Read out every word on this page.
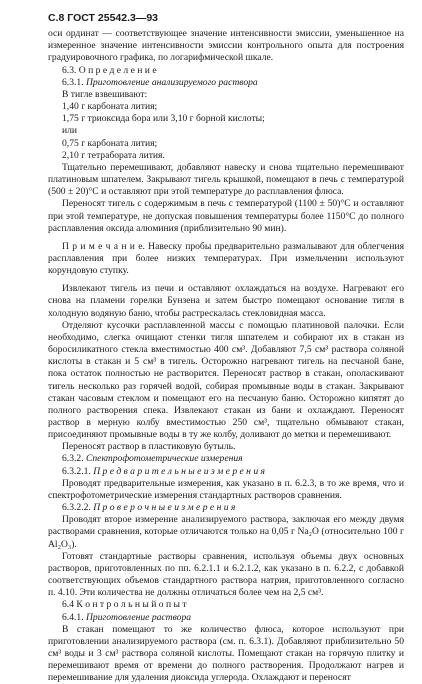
С.8 ГОСТ 25542.3—93

оси ординат — соответствующее значение интенсивности эмиссии, уменьшенное на измеренное значение интенсивности эмиссии контрольного опыта для построения градуировочного графика, по логарифмической шкале.

6.3. О п р е д е л е н и е

6.3.1. Приготовление анализируемого раствора

В тигле взвешивают:

1,40 г карбоната лития;

1,75 г триоксида бора или 3,10 г борной кислоты;

или

0,75 г карбоната лития;

2,10 г тетрабората лития.

Тщательно перемешивают, добавляют навеску и снова тщательно перемешивают платиновым шпателем. Закрывают тигель крышкой, помещают в печь с температурой (500 ± 20)°С и оставляют при этой температуре до расплавления флюса.

Переносят тигель с содержимым в печь с температурой (1100 ± 50)°С и оставляют при этой температуре, не допуская повышения температуры более 1150°С до полного расплавления оксида алюминия (приблизительно 90 мин).

П р и м е ч а н и е. Навеску пробы предварительно размалывают для облегчения расплавления при более низких температурах. При измельчении используют корундовую ступку.

Извлекают тигель из печи и оставляют охлаждаться на воздухе. Нагревают его снова на пламени горелки Бунзена и затем быстро помещают основание тигля в холодную водяную баню, чтобы растрескалась стекловидная масса.

Отделяют кусочки расплавленной массы с помощью платиновой палочки. Если необходимо, слегка очищают стенки тигля шпателем и собирают их в стакан из боросиликатного стекла вместимостью 400 см³. Добавляют 7,5 см³ раствора соляной кислоты в стакан и 5 см³ в тигель. Осторожно нагревают тигель на песчаной бане, пока остаток полностью не растворится. Переносят раствор в стакан, ополаскивают тигель несколько раз горячей водой, собирая промывные воды в стакан. Закрывают стакан часовым стеклом и помещают его на песчаную баню. Осторожно кипятят до полного растворения спека. Извлекают стакан из бани и охлаждают. Переносят раствор в мерную колбу вместимостью 250 см³, тщательно обмывают стакан, присоединяют промывные воды в ту же колбу, доливают до метки и перемешивают.

Переносят раствор в пластиковую бутыль.

6.3.2. Спектрофотометрические измерения

6.3.2.1. П р е д в а р и т е л ь н ы е и з м е р е н и я

Проводят предварительные измерения, как указано в п. 6.2.3, в то же время, что и спектрофотометрические измерения стандартных растворов сравнения.

6.3.2.2. П р о в е р о ч н ы е и з м е р е н и я

Проводят второе измерение анализируемого раствора, заключая его между двумя растворами сравнения, которые отличаются только на 0,05 г Na₂O (относительно 100 г Al₂O₃).

Готовят стандартные растворы сравнения, используя объемы двух основных растворов, приготовленных по пп. 6.2.1.1 и 6.2.1.2, как указано в п. 6.2.2, с добавкой соответствующих объемов стандартного раствора натрия, приготовленного согласно п. 4.10. Эти количества не должны отличаться более чем на 2,5 см³.

6.4 К о н т р о л ь н ы й о п ы т

6.4.1. Приготовление раствора

В стакан помещают то же количество флюса, которое используют при приготовлении анализируемого раствора (см. п. 6.3.1). Добавляют приблизительно 50 см³ воды и 3 см³ раствора соляной кислоты. Помещают стакан на горячую плитку и перемешивают время от времени до полного растворения. Продолжают нагрев и перемешивание для удаления диоксида углерода. Охлаждают и переносят
